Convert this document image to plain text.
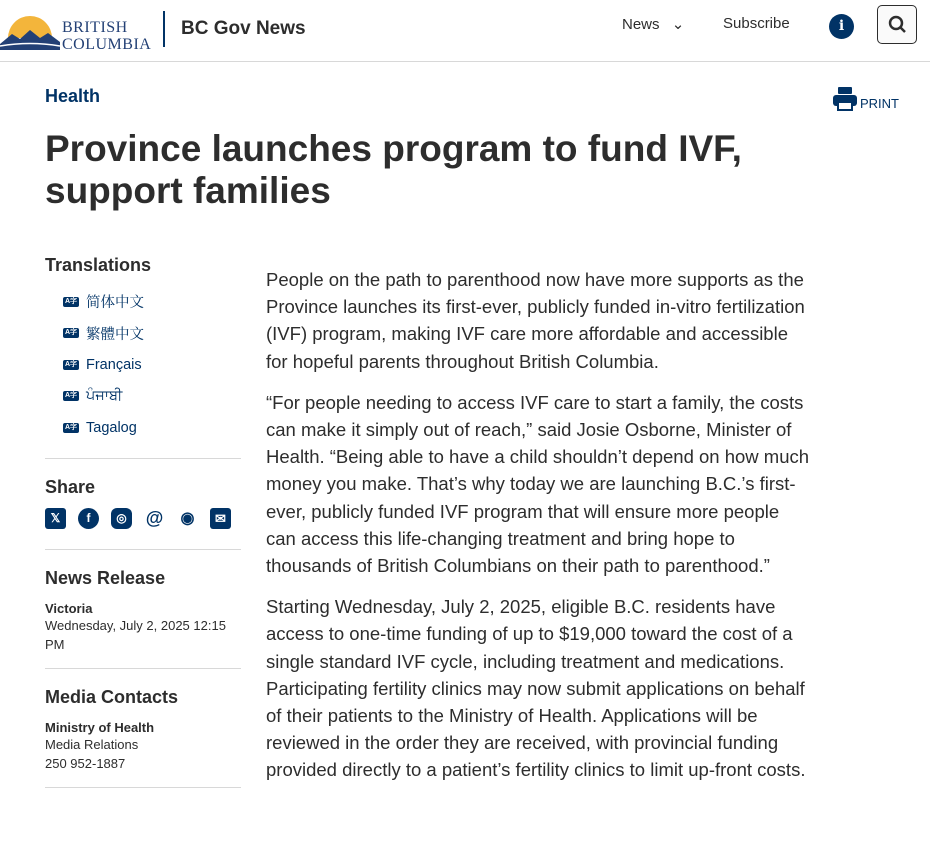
BRITISH
COLUMBIA
BC Gov News	News ⌄	Subscribe	i
Health	PRINT
Province launches program to fund IVF, support families
Translations
A字 简体中文
A字 繁體中文
A字 Français
A字 ਪੰਜਾਬੀ
A字 Tagalog
Share
𝕏	f	◎ @ ◉	✉
News Release
Victoria
Wednesday, July 2, 2025 12:15 PM
Media Contacts
Ministry of Health
Media Relations
250 952-1887

People on the path to parenthood now have more supports as the Province launches its first-ever, publicly funded in-vitro fertilization (IVF) program, making IVF care more affordable and accessible for hopeful parents throughout British Columbia.

“For people needing to access IVF care to start a family, the costs can make it simply out of reach,” said Josie Osborne, Minister of Health. “Being able to have a child shouldn’t depend on how much money you make. That’s why today we are launching B.C.’s first-ever, publicly funded IVF program that will ensure more people can access this life-changing treatment and bring hope to thousands of British Columbians on their path to parenthood.”

Starting Wednesday, July 2, 2025, eligible B.C. residents have access to one-time funding of up to $19,000 toward the cost of a single standard IVF cycle, including treatment and medications. Participating fertility clinics may now submit applications on behalf of their patients to the Ministry of Health. Applications will be reviewed in the order they are received, with provincial funding provided directly to a patient’s fertility clinics to limit up-front costs.
